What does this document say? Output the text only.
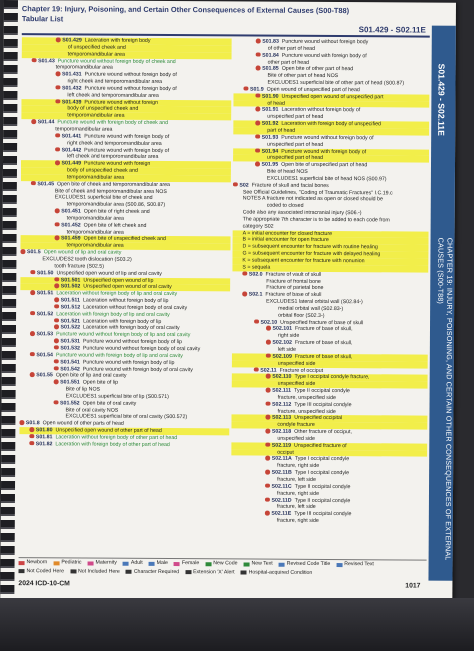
Chapter 19: Injury, Poisoning, and Certain Other Consequences of External Causes (S00-T88)
Tabular List
S01.429 - S02.11E
S01.429 Laceration with foreign body
of unspecified cheek and
temporomandibular area
S01.43 Puncture wound without foreign body of cheek and
temporomandibular area
S01.431 Puncture wound without foreign body of
right cheek and temporomandibular area
S01.432 Puncture wound without foreign body of
left cheek and temporomandibular area
S01.439 Puncture wound without foreign
body of unspecified cheek and
temporomandibular area
S01.44 Puncture wound with foreign body of cheek and
temporomandibular area
S01.441 Puncture wound with foreign body of
right cheek and temporomandibular area
S01.442 Puncture wound with foreign body of
left cheek and temporomandibular area
S01.449 Puncture wound with foreign
body of unspecified cheek and
temporomandibular area
S01.45 Open bite of cheek and temporomandibular area
Bite of cheek and temporomandibular area NOS
EXCLUDES1 superficial bite of cheek and
temporomandibular area (S00.86, S00.87)
S01.451 Open bite of right cheek and
temporomandibular area
S01.452 Open bite of left cheek and
temporomandibular area
S01.459 Open bite of unspecified cheek and
temporomandibular area
S01.5 Open wound of lip and oral cavity
EXCLUDES2 tooth dislocation (S03.2)
tooth fracture (S02.5)
S01.50 Unspecified open wound of lip and oral cavity
S01.501 Unspecified open wound of lip
S01.502 Unspecified open wound of oral cavity
S01.51 Laceration without foreign body of lip and oral cavity
S01.511 Laceration without foreign body of lip
S01.512 Laceration without foreign body of oral cavity
S01.52 Laceration with foreign body of lip and oral cavity
S01.521 Laceration with foreign body of lip
S01.522 Laceration with foreign body of oral cavity
S01.53 Puncture wound without foreign body of lip and oral cavity
S01.531 Puncture wound without foreign body of lip
S01.532 Puncture wound without foreign body of oral cavity
S01.54 Puncture wound with foreign body of lip and oral cavity
S01.541 Puncture wound with foreign body of lip
S01.542 Puncture wound with foreign body of oral cavity
S01.55 Open bite of lip and oral cavity
S01.551 Open bite of lip
Bite of lip NOS
EXCLUDES1 superficial bite of lip (S00.571)
S01.552 Open bite of oral cavity
Bite of oral cavity NOS
EXCLUDES1 superficial bite of oral cavity (S00.572)
S01.8 Open wound of other parts of head
S01.80 Unspecified open wound of other part of head
S01.81 Laceration without foreign body of other part of head
S01.82 Laceration with foreign body of other part of head
S01.83 Puncture wound without foreign body
of other part of head
S01.84 Puncture wound with foreign body of
other part of head
S01.85 Open bite of other part of head
Bite of other part of head NOS
EXCLUDES1 superficial bite of other part of head (S00.87)
S01.9 Open wound of unspecified part of head
S01.90 Unspecified open wound of unspecified part
of head
S01.91 Laceration without foreign body of
unspecified part of head
S01.92 Laceration with foreign body of unspecified
part of head
S01.93 Puncture wound without foreign body of
unspecified part of head
S01.94 Puncture wound with foreign body of
unspecified part of head
S01.95 Open bite of unspecified part of head
Bite of head NOS
EXCLUDES1 superficial bite of head NOS (S00.97)
S02 Fracture of skull and facial bones
See Official Guidelines, "Coding of Traumatic Fractures" I.C.19.c
NOTES A fracture not indicated as open or closed should be
coded to closed
Code also any associated intracranial injury (S06.-)
The appropriate 7th character is to be added to each code from
category S02
A = initial encounter for closed fracture
B = initial encounter for open fracture
D = subsequent encounter for fracture with routine healing
G = subsequent encounter for fracture with delayed healing
K = subsequent encounter for fracture with nonunion
S = sequela
S02.0 Fracture of vault of skull
Fracture of frontal bone
Fracture of parietal bone
S02.1 Fracture of base of skull
EXCLUDES1 lateral orbital wall (S02.84-)
medial orbital wall (S02.83-)
orbital floor (S02.3-)
S02.10 Unspecified fracture of base of skull
S02.101 Fracture of base of skull,
right side
S02.102 Fracture of base of skull,
left side
S02.109 Fracture of base of skull,
unspecified side
S02.11 Fracture of occiput
S02.110 Type I occipital condyle fracture,
unspecified side
S02.111 Type II occipital condyle
fracture, unspecified side
S02.112 Type III occipital condyle
fracture, unspecified side
S02.113 Unspecified occipital
condyle fracture
S02.118 Other fracture of occiput,
unspecified side
S02.119 Unspecified fracture of
occiput
S02.11A Type I occipital condyle
fracture, right side
S02.11B Type I occipital condyle
fracture, left side
S02.11C Type II occipital condyle
fracture, right side
S02.11D Type II occipital condyle
fracture, left side
S02.11E Type III occipital condyle
fracture, right side
S01.429 - S02.11E
CHAPTER 19: INJURY, POISONING, AND CERTAIN OTHER CONSEQUENCES OF EXTERNAL CAUSES (S00-T88)
Newborn	Pediatric	Maternity	Adult	Male	Female	New Code	New Text	Revised Code Title	Revised Text
Not Coded Here	Not Included Here	Character Required	Extension 'X' Alert	Hospital-acquired Condition
2024 ICD-10-CM	1017
